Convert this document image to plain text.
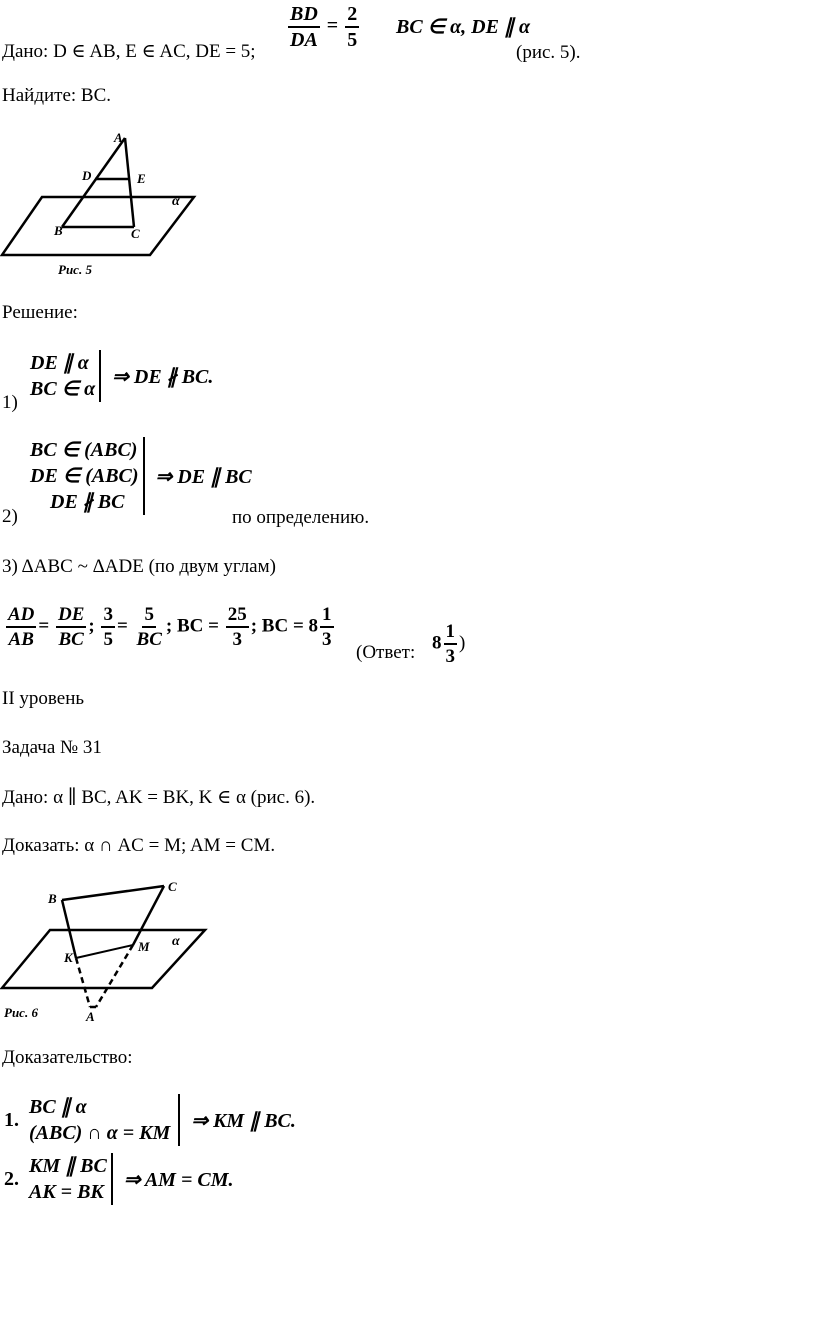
Дано: D ∈ AB, E ∈ AC, DE = 5;
$\frac{BD}{DA} = \frac{2}{5}$ BC ∈ α, DE ∥ α
(рис. 5).
Найдите: BC.
A
D	E
α
B	C
Рис. 5
Решение:
1)
DE ∥ α
BC ∈ α
⇒ DE ∦ BC.
2)
BC ∈ (ABC)
DE ∈ (ABC)
DE ∦ BC
⇒ DE ∥ BC
по определению.
3) ΔABC ~ ΔADE (по двум углам)
$\frac{AD}{AB} = \frac{DE}{BC}$ ; $\frac{3}{5} = \frac{5}{BC}$ ; BC = $\frac{25}{3}$ ; BC = $8 \frac{1}{3}$
(Ответ: $8 \frac{1}{3}$ )
II уровень
Задача № 31
Дано: α ∥ BC, AK = BK, K ∈ α (рис. 6).
Доказать: α ∩ AC = M; AM = CM.
B
C
α
M
K
A
Рис. 6
Доказательство:
1.
BC ∥ α
(ABC) ∩ α = KM
⇒ KM ∥ BC.
2.
KM ∥ BC
AK = BK
⇒ AM = CM.
